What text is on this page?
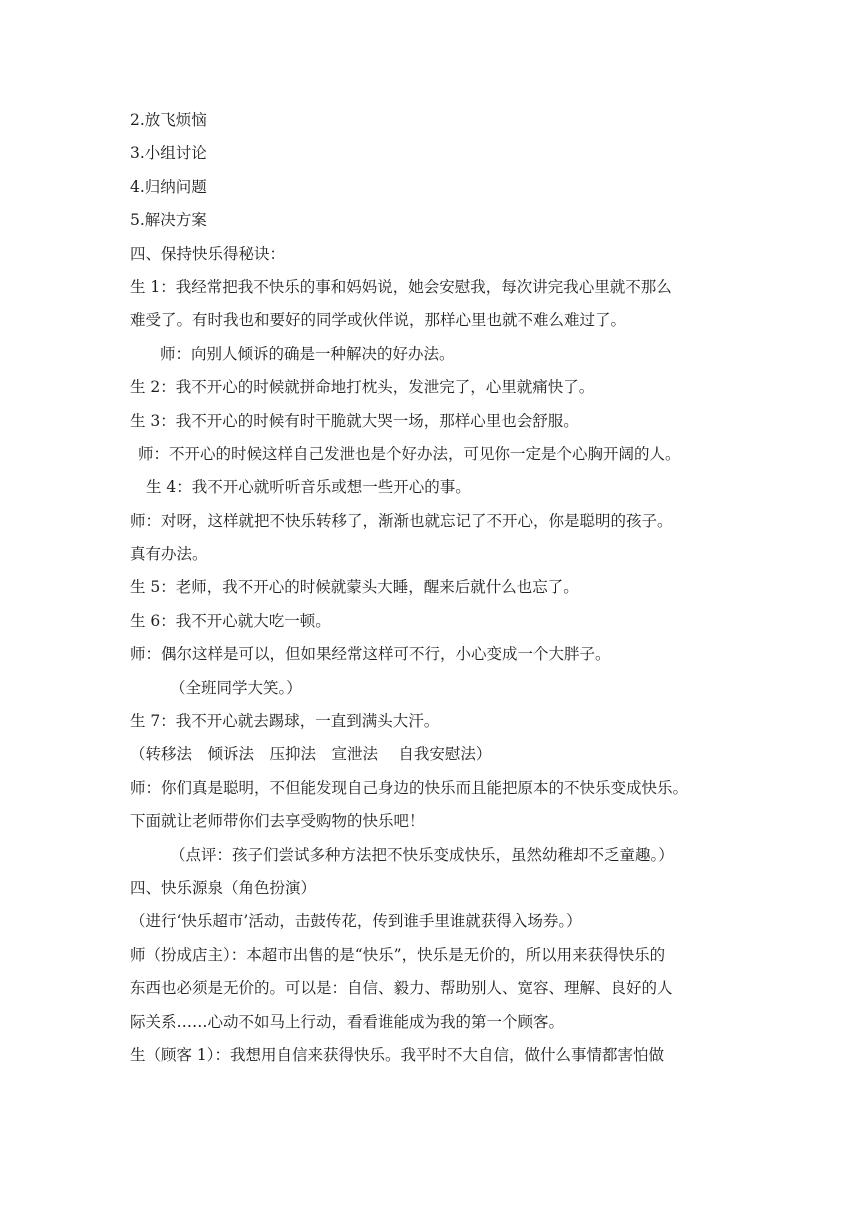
2.放飞烦恼
3.小组讨论
4.归纳问题
5.解决方案
四、保持快乐得秘诀：
生 1：我经常把我不快乐的事和妈妈说，她会安慰我，每次讲完我心里就不那么
难受了。有时我也和要好的同学或伙伴说，那样心里也就不难么难过了。
师：向别人倾诉的确是一种解决的好办法。
生 2：我不开心的时候就拼命地打枕头，发泄完了，心里就痛快了。
生 3：我不开心的时候有时干脆就大哭一场，那样心里也会舒服。
师：不开心的时候这样自己发泄也是个好办法，可见你一定是个心胸开阔的人。
生 4：我不开心就听听音乐或想一些开心的事。
师：对呀，这样就把不快乐转移了，渐渐也就忘记了不开心，你是聪明的孩子。
真有办法。
生 5：老师，我不开心的时候就蒙头大睡，醒来后就什么也忘了。
生 6：我不开心就大吃一顿。
师：偶尔这样是可以，但如果经常这样可不行，小心变成一个大胖子。
（全班同学大笑。）
生 7：我不开心就去踢球，一直到满头大汗。
（转移法　倾诉法　压抑法　宣泄法　 自我安慰法）
师：你们真是聪明，不但能发现自己身边的快乐而且能把原本的不快乐变成快乐。
下面就让老师带你们去享受购物的快乐吧！
（点评：孩子们尝试多种方法把不快乐变成快乐，虽然幼稚却不乏童趣。）
四、快乐源泉（角色扮演）
（进行‘快乐超市’活动，击鼓传花，传到谁手里谁就获得入场券。）
师（扮成店主）：本超市出售的是“快乐”，快乐是无价的，所以用来获得快乐的
东西也必须是无价的。可以是：自信、毅力、帮助别人、宽容、理解、良好的人
际关系……心动不如马上行动，看看谁能成为我的第一个顾客。
生（顾客 1）：我想用自信来获得快乐。我平时不大自信，做什么事情都害怕做
